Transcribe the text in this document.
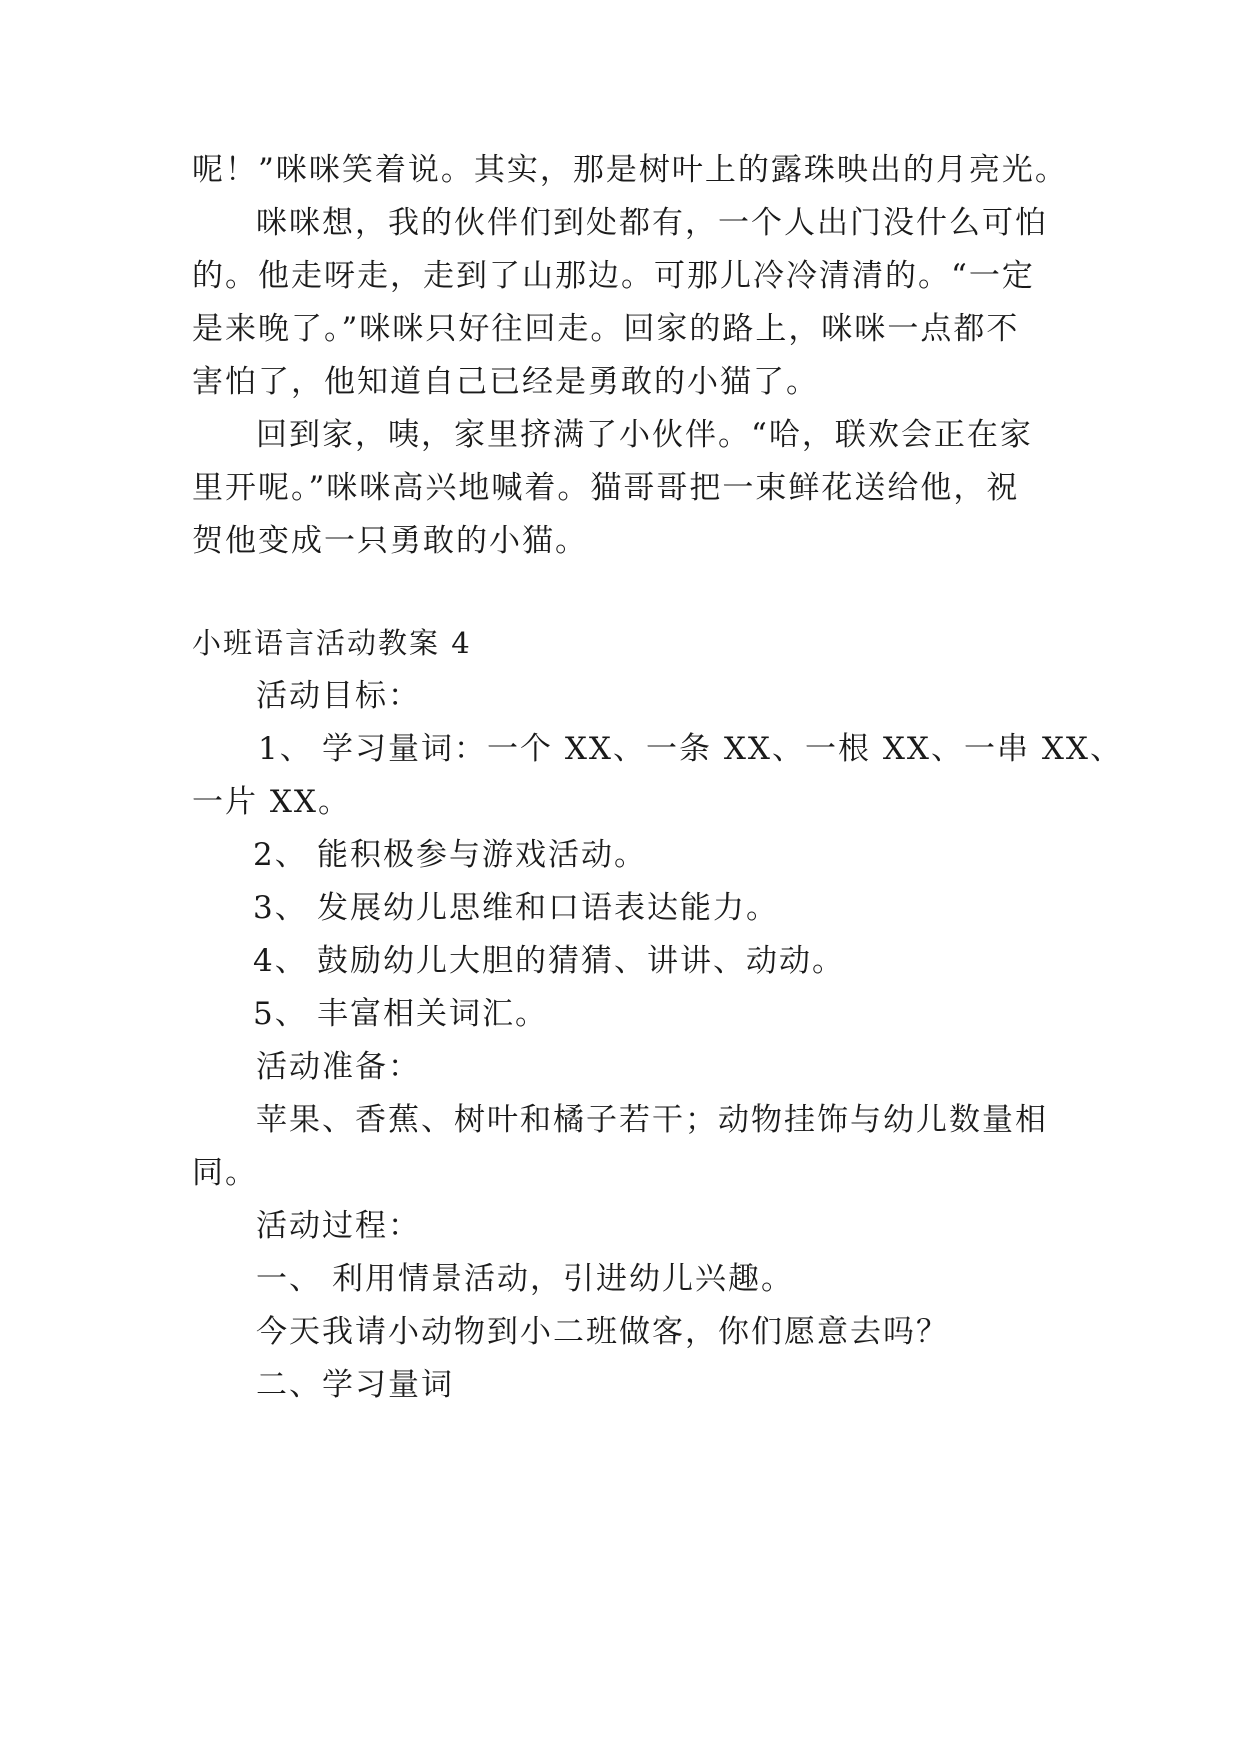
呢！”咪咪笑着说。其实，那是树叶上的露珠映出的月亮光。
咪咪想，我的伙伴们到处都有，一个人出门没什么可怕
的。他走呀走，走到了山那边。可那儿冷冷清清的。“一定
是来晚了。”咪咪只好往回走。回家的路上，咪咪一点都不
害怕了，他知道自己已经是勇敢的小猫了。
回到家，咦，家里挤满了小伙伴。“哈，联欢会正在家
里开呢。”咪咪高兴地喊着。猫哥哥把一束鲜花送给他，祝
贺他变成一只勇敢的小猫。
小班语言活动教案 4
活动目标：
1、 学习量词：一个 XX、一条 XX、一根 XX、一串 XX、
一片 XX。
2、 能积极参与游戏活动。
3、 发展幼儿思维和口语表达能力。
4、 鼓励幼儿大胆的猜猜、讲讲、动动。
5、 丰富相关词汇。
活动准备：
苹果、香蕉、树叶和橘子若干；动物挂饰与幼儿数量相
同。
活动过程：
一、 利用情景活动，引进幼儿兴趣。
今天我请小动物到小二班做客，你们愿意去吗？
二、学习量词
